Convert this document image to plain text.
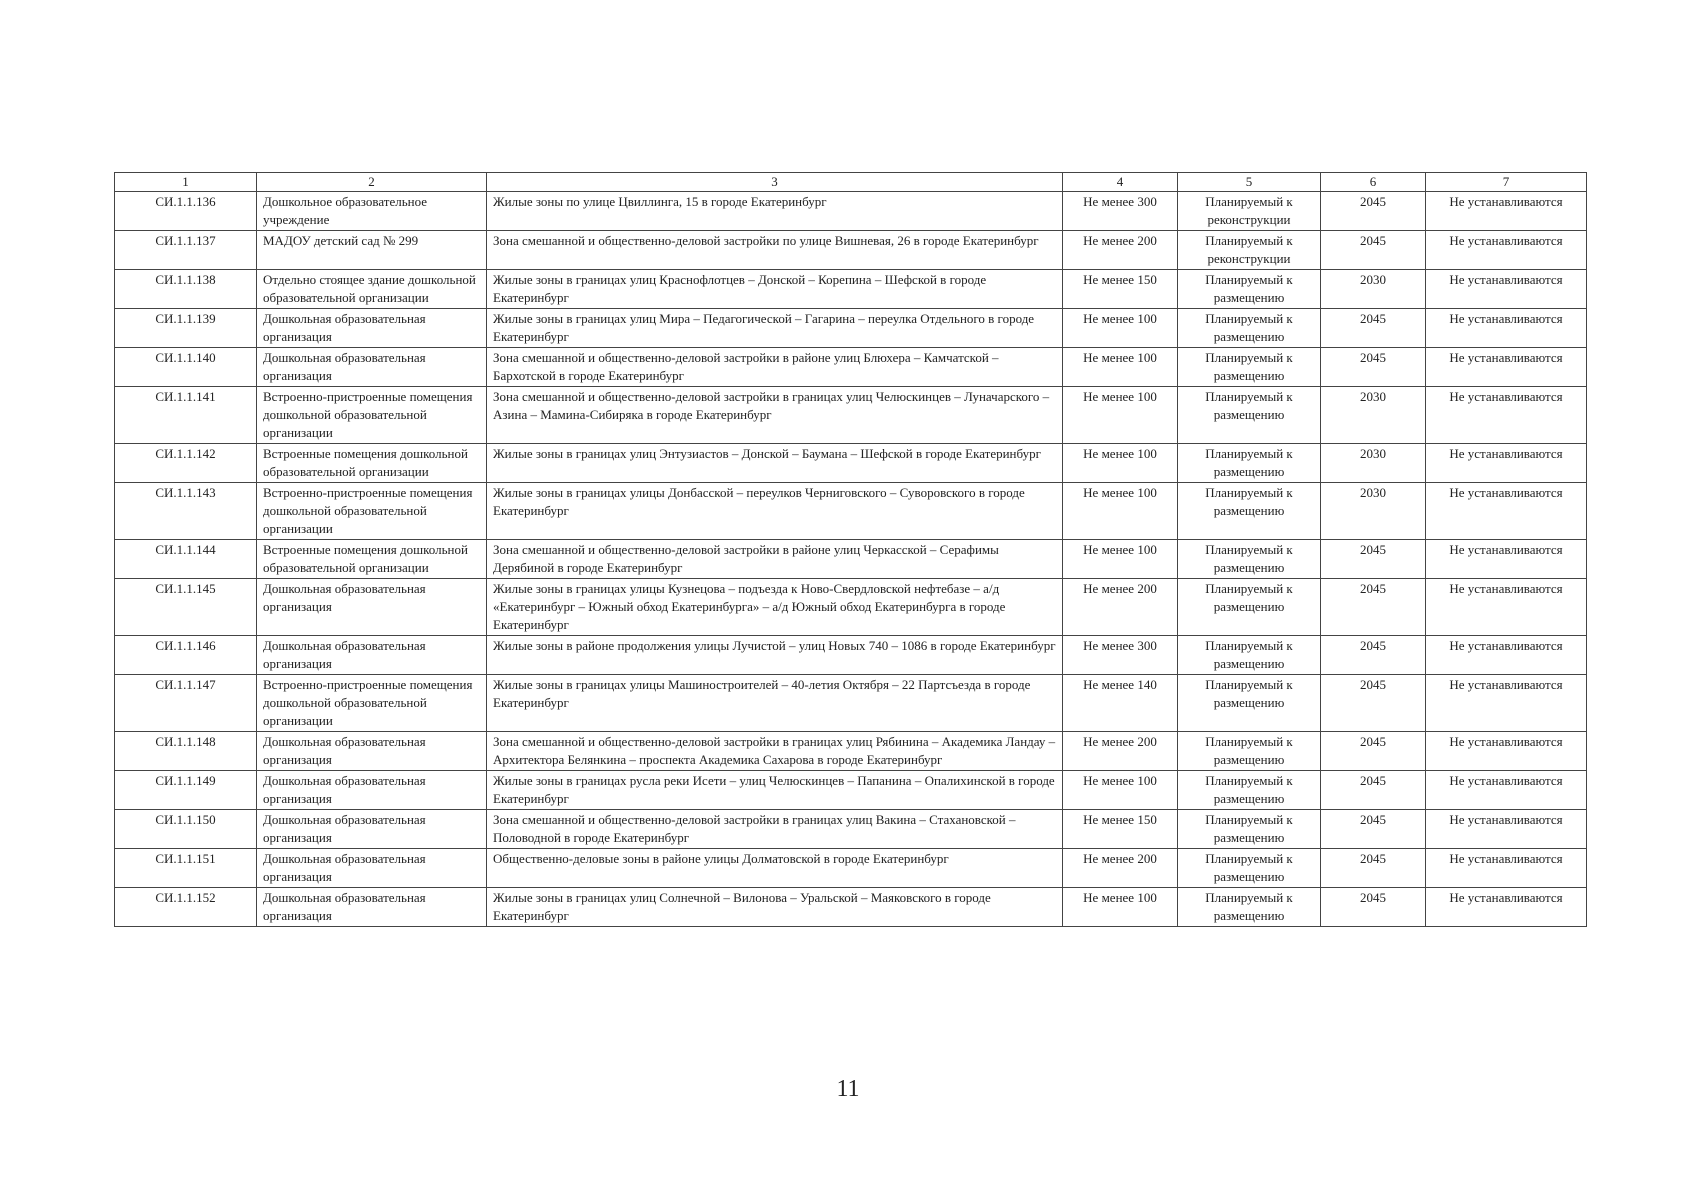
1	2	3	4	5	6	7
СИ.1.1.136	Дошкольное образовательное учреждение	Жилые зоны по улице Цвиллинга, 15 в городе Екатеринбург	Не менее 300	Планируемый к реконструкции	2045	Не устанавливаются
СИ.1.1.137	МАДОУ детский сад № 299	Зона смешанной и общественно-деловой застройки по улице Вишневая, 26 в городе Екатеринбург	Не менее 200	Планируемый к реконструкции	2045	Не устанавливаются
СИ.1.1.138	Отдельно стоящее здание дошкольной образовательной организации	Жилые зоны в границах улиц Краснофлотцев – Донской – Корепина – Шефской в городе Екатеринбург	Не менее 150	Планируемый к размещению	2030	Не устанавливаются
СИ.1.1.139	Дошкольная образовательная организация	Жилые зоны в границах улиц Мира – Педагогической – Гагарина – переулка Отдельного в городе Екатеринбург	Не менее 100	Планируемый к размещению	2045	Не устанавливаются
СИ.1.1.140	Дошкольная образовательная организация	Зона смешанной и общественно-деловой застройки в районе улиц Блюхера – Камчатской – Бархотской в городе Екатеринбург	Не менее 100	Планируемый к размещению	2045	Не устанавливаются
СИ.1.1.141	Встроенно-пристроенные помещения дошкольной образовательной организации	Зона смешанной и общественно-деловой застройки в границах улиц Челюскинцев – Луначарского – Азина – Мамина-Сибиряка в городе Екатеринбург	Не менее 100	Планируемый к размещению	2030	Не устанавливаются
СИ.1.1.142	Встроенные помещения дошкольной образовательной организации	Жилые зоны в границах улиц Энтузиастов – Донской – Баумана – Шефской в городе Екатеринбург	Не менее 100	Планируемый к размещению	2030	Не устанавливаются
СИ.1.1.143	Встроенно-пристроенные помещения дошкольной образовательной организации	Жилые зоны в границах улицы Донбасской – переулков Черниговского – Суворовского в городе Екатеринбург	Не менее 100	Планируемый к размещению	2030	Не устанавливаются
СИ.1.1.144	Встроенные помещения дошкольной образовательной организации	Зона смешанной и общественно-деловой застройки в районе улиц Черкасской – Серафимы Дерябиной в городе Екатеринбург	Не менее 100	Планируемый к размещению	2045	Не устанавливаются
СИ.1.1.145	Дошкольная образовательная организация	Жилые зоны в границах улицы Кузнецова – подъезда к Ново-Свердловской нефтебазе – а/д «Екатеринбург – Южный обход Екатеринбурга» – а/д Южный обход Екатеринбурга в городе Екатеринбург	Не менее 200	Планируемый к размещению	2045	Не устанавливаются
СИ.1.1.146	Дошкольная образовательная организация	Жилые зоны в районе продолжения улицы Лучистой – улиц Новых 740 – 1086 в городе Екатеринбург	Не менее 300	Планируемый к размещению	2045	Не устанавливаются
СИ.1.1.147	Встроенно-пристроенные помещения дошкольной образовательной организации	Жилые зоны в границах улицы Машиностроителей – 40-летия Октября – 22 Партсъезда в городе Екатеринбург	Не менее 140	Планируемый к размещению	2045	Не устанавливаются
СИ.1.1.148	Дошкольная образовательная организация	Зона смешанной и общественно-деловой застройки в границах улиц Рябинина – Академика Ландау – Архитектора Белянкина – проспекта Академика Сахарова в городе Екатеринбург	Не менее 200	Планируемый к размещению	2045	Не устанавливаются
СИ.1.1.149	Дошкольная образовательная организация	Жилые зоны в границах русла реки Исети – улиц Челюскинцев – Папанина – Опалихинской в городе Екатеринбург	Не менее 100	Планируемый к размещению	2045	Не устанавливаются
СИ.1.1.150	Дошкольная образовательная организация	Зона смешанной и общественно-деловой застройки в границах улиц Вакина – Стахановской – Половодной в городе Екатеринбург	Не менее 150	Планируемый к размещению	2045	Не устанавливаются
СИ.1.1.151	Дошкольная образовательная организация	Общественно-деловые зоны в районе улицы Долматовской в городе Екатеринбург	Не менее 200	Планируемый к размещению	2045	Не устанавливаются
СИ.1.1.152	Дошкольная образовательная организация	Жилые зоны в границах улиц Солнечной – Вилонова – Уральской – Маяковского в городе Екатеринбург	Не менее 100	Планируемый к размещению	2045	Не устанавливаются
11
